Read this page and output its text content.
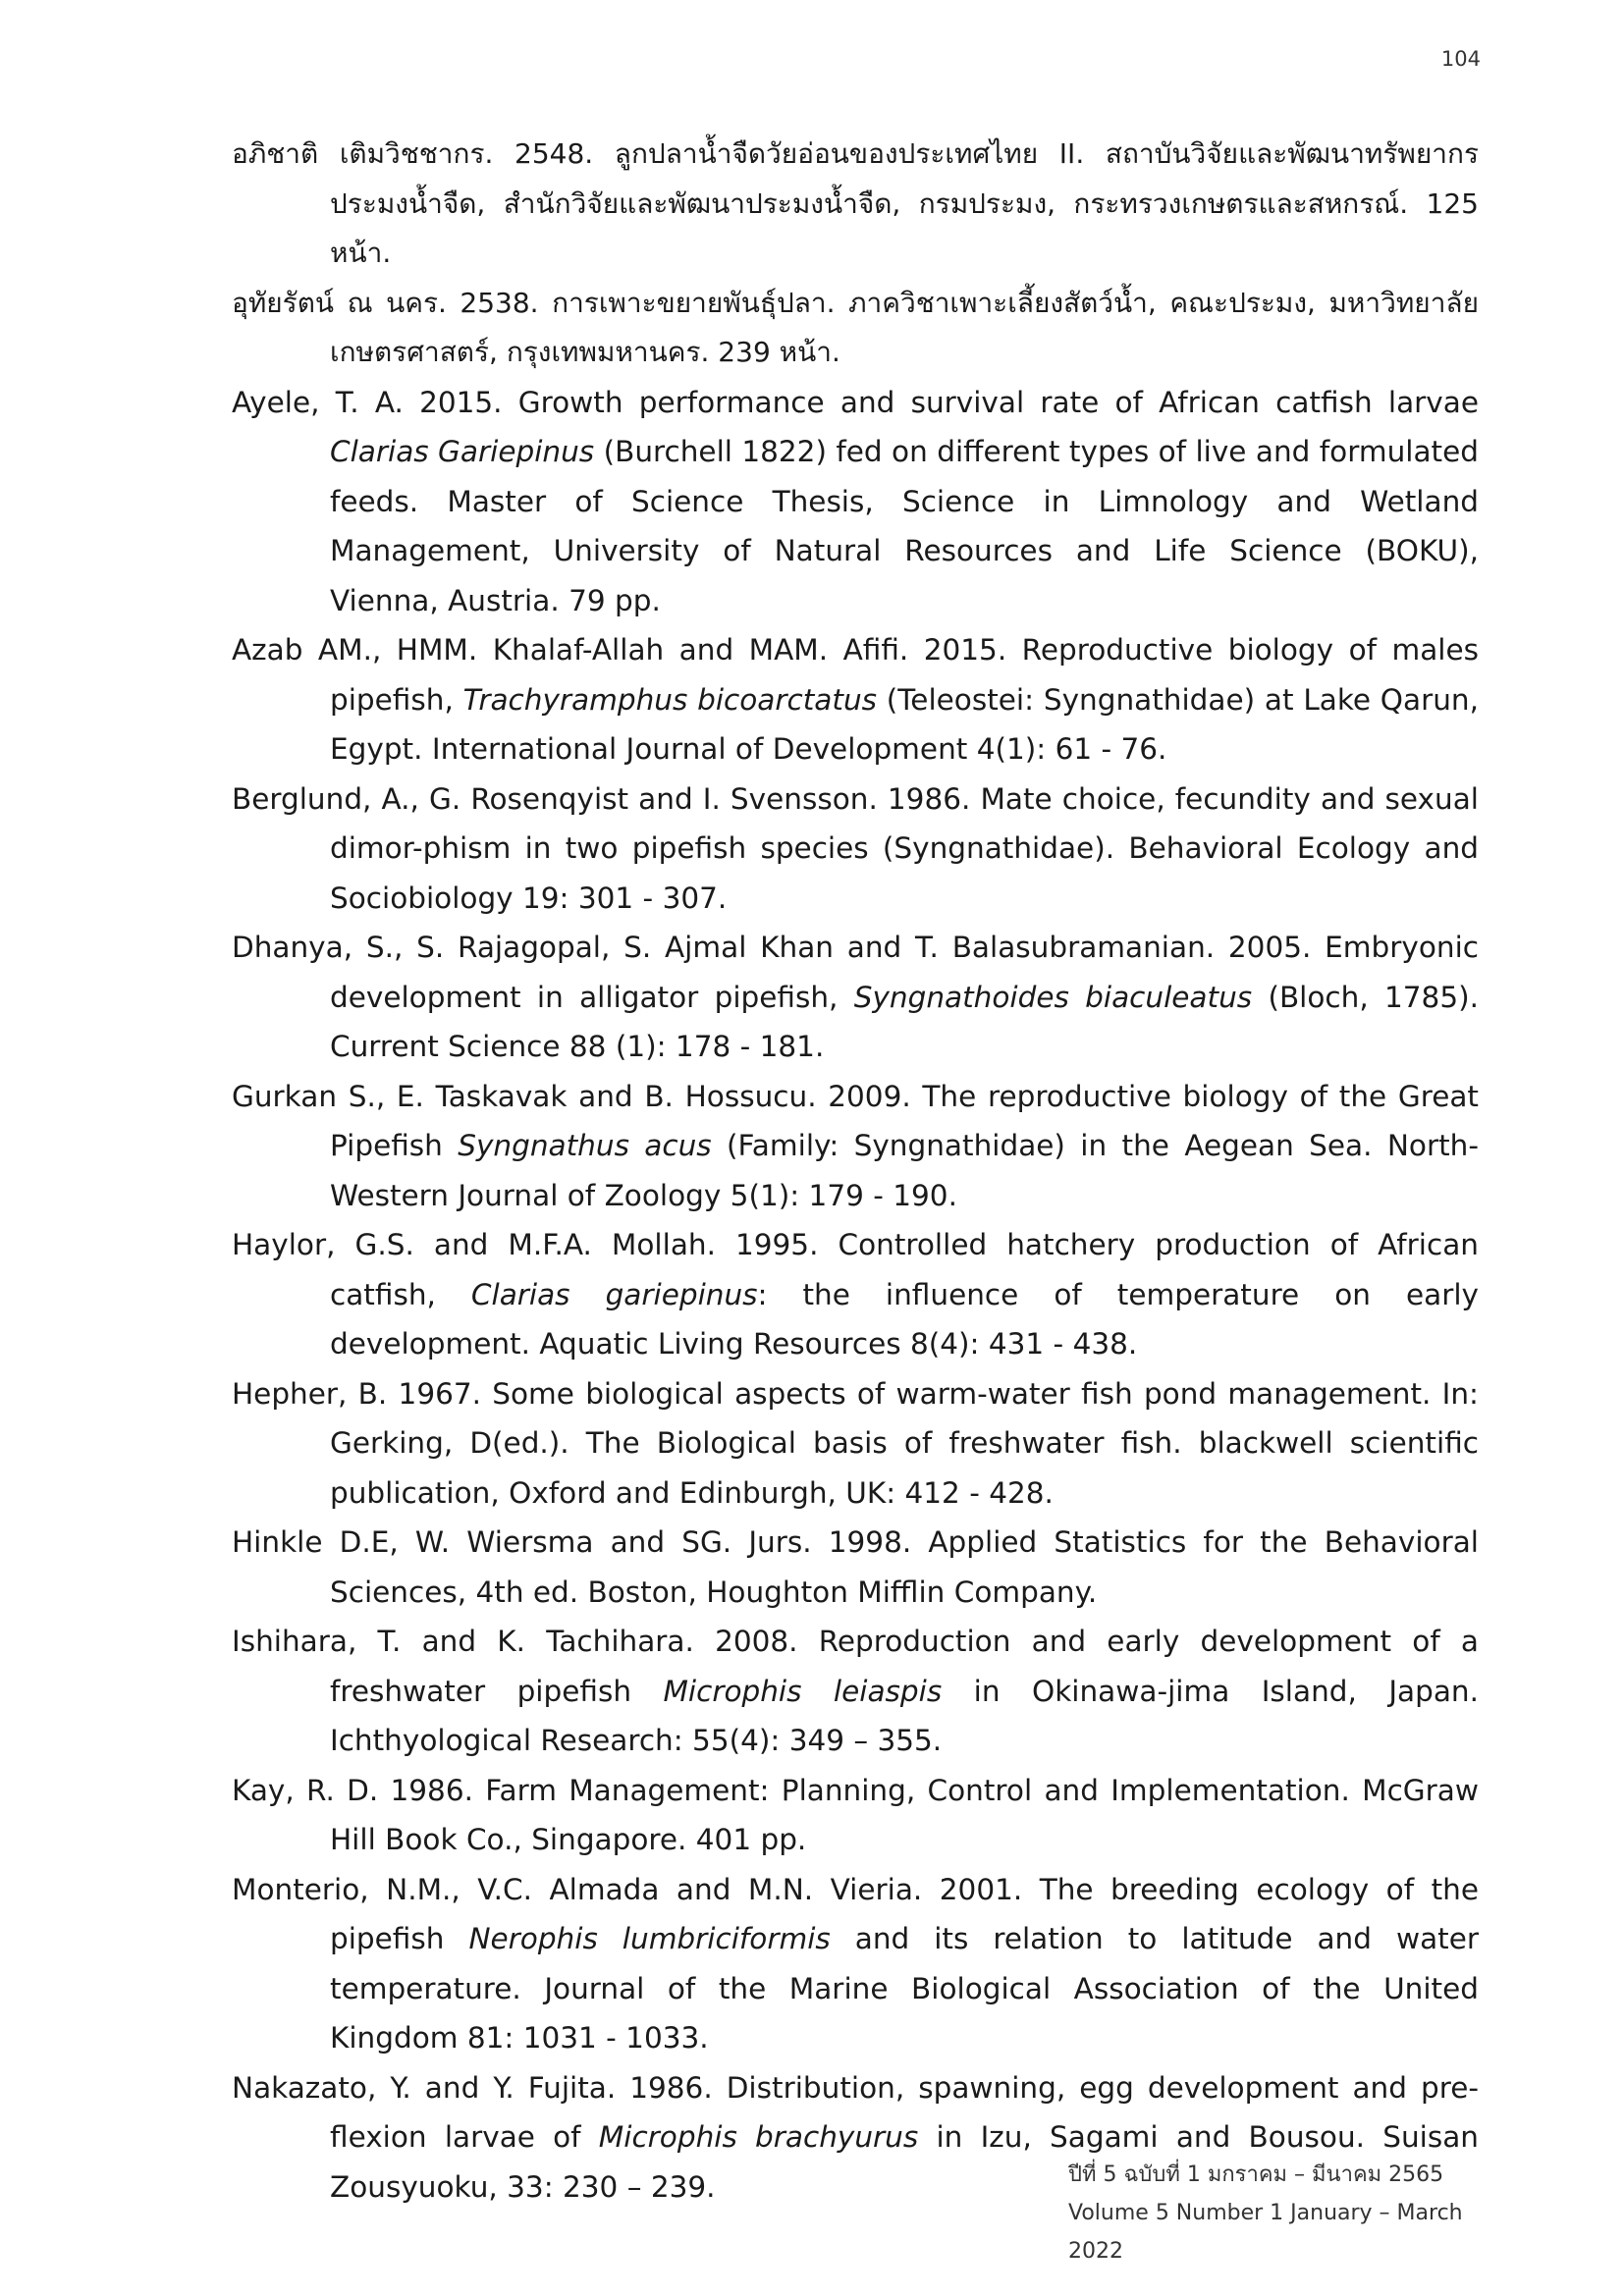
104
อภิชาติ เติมวิชชากร. 2548. ลูกปลาน้ำจืดวัยอ่อนของประเทศไทย II. สถาบันวิจัยและพัฒนาทรัพยากรประมงน้ำจืด, สำนักวิจัยและพัฒนาประมงน้ำจืด, กรมประมง, กระทรวงเกษตรและสหกรณ์. 125 หน้า.
อุทัยรัตน์ ณ นคร. 2538. การเพาะขยายพันธุ์ปลา. ภาควิชาเพาะเลี้ยงสัตว์น้ำ, คณะประมง, มหาวิทยาลัยเกษตรศาสตร์, กรุงเทพมหานคร. 239 หน้า.
Ayele, T. A. 2015. Growth performance and survival rate of African catfish larvae Clarias Gariepinus (Burchell 1822) fed on different types of live and formulated feeds. Master of Science Thesis, Science in Limnology and Wetland Management, University of Natural Resources and Life Science (BOKU), Vienna, Austria. 79 pp.
Azab AM., HMM. Khalaf-Allah and MAM. Afifi. 2015. Reproductive biology of males pipefish, Trachyramphus bicoarctatus (Teleostei: Syngnathidae) at Lake Qarun, Egypt. International Journal of Development 4(1): 61 - 76.
Berglund, A., G. Rosenqyist and I. Svensson. 1986. Mate choice, fecundity and sexual dimor-phism in two pipefish species (Syngnathidae). Behavioral Ecology and Sociobiology 19: 301 - 307.
Dhanya, S., S. Rajagopal, S. Ajmal Khan and T. Balasubramanian. 2005. Embryonic development in alligator pipefish, Syngnathoides biaculeatus (Bloch, 1785). Current Science 88 (1): 178 - 181.
Gurkan S., E. Taskavak and B. Hossucu. 2009. The reproductive biology of the Great Pipefish Syngnathus acus (Family: Syngnathidae) in the Aegean Sea. North-Western Journal of Zoology 5(1): 179 - 190.
Haylor, G.S. and M.F.A. Mollah. 1995. Controlled hatchery production of African catfish, Clarias gariepinus: the influence of temperature on early development. Aquatic Living Resources 8(4): 431 - 438.
Hepher, B. 1967. Some biological aspects of warm-water fish pond management. In: Gerking, D(ed.). The Biological basis of freshwater fish. blackwell scientific publication, Oxford and Edinburgh, UK: 412 - 428.
Hinkle D.E, W. Wiersma and SG. Jurs. 1998. Applied Statistics for the Behavioral Sciences, 4th ed. Boston, Houghton Mifflin Company.
Ishihara, T. and K. Tachihara. 2008. Reproduction and early development of a freshwater pipefish Microphis leiaspis in Okinawa-jima Island, Japan. Ichthyological Research: 55(4): 349 – 355.
Kay, R. D. 1986. Farm Management: Planning, Control and Implementation. McGraw Hill Book Co., Singapore. 401 pp.
Monterio, N.M., V.C. Almada and M.N. Vieria. 2001. The breeding ecology of the pipefish Nerophis lumbriciformis and its relation to latitude and water temperature. Journal of the Marine Biological Association of the United Kingdom 81: 1031 - 1033.
Nakazato, Y. and Y. Fujita. 1986. Distribution, spawning, egg development and pre-flexion larvae of Microphis brachyurus in Izu, Sagami and Bousou. Suisan Zousyuoku, 33: 230 – 239.	ปีที่ 5 ฉบับที่ 1 มกราคม – มีนาคม 2565
Volume 5 Number 1 January – March 2022
